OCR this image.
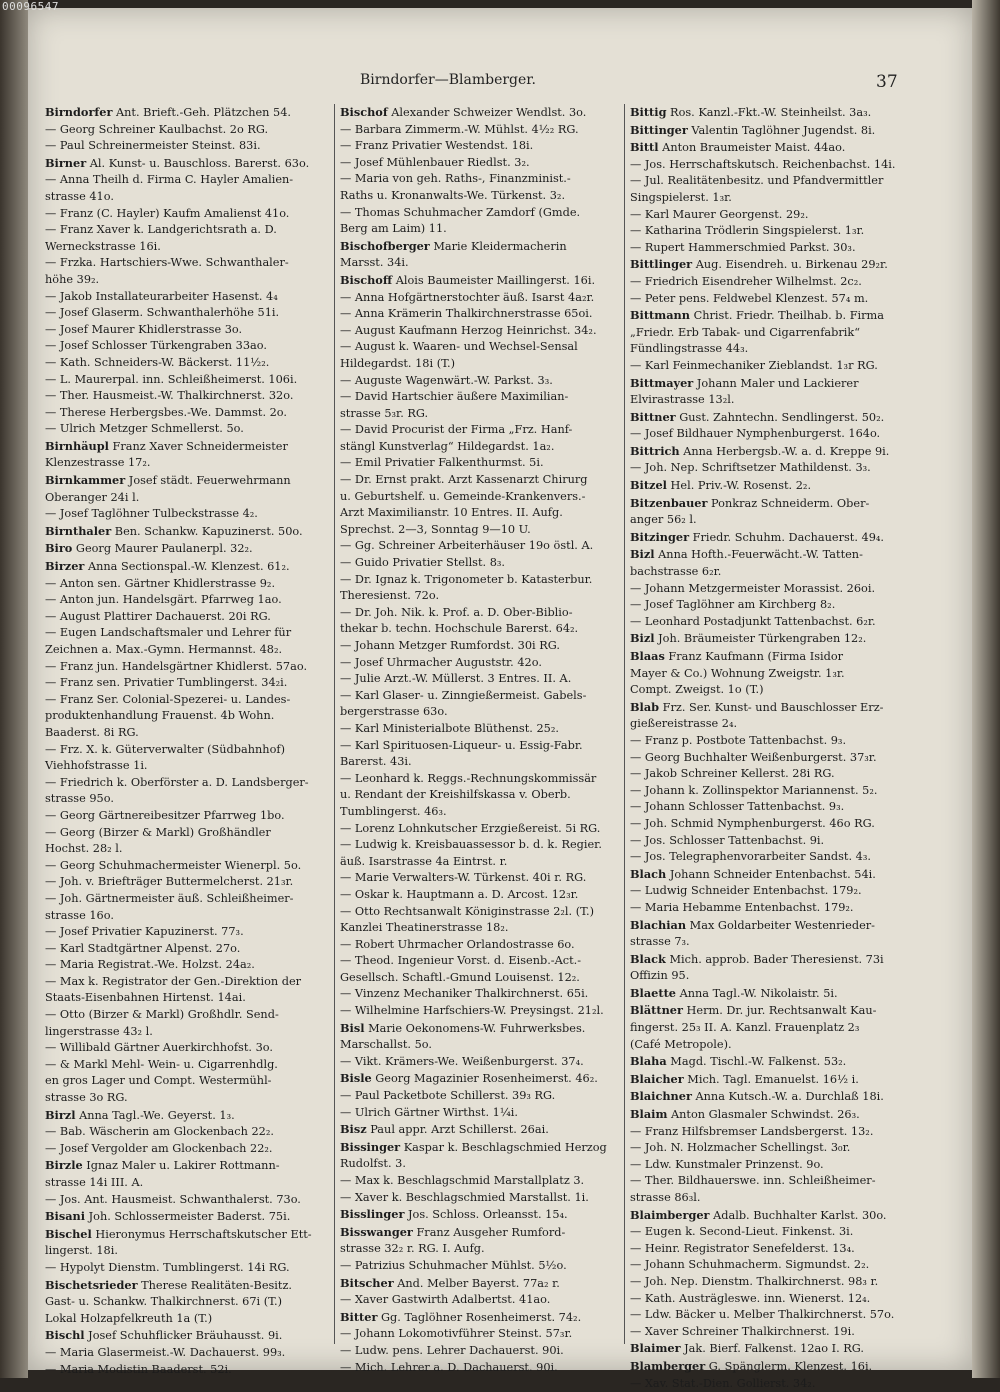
00096547
Birndorfer—Blamberger.	37
Birndorfer Ant. Brieft.-Geh. Plätzchen 54.
— Georg Schreiner Kaulbachst. 2o RG.
— Paul Schreinermeister Steinst. 83i.
Birner Al. Kunst- u. Bauschloss. Barerst. 63o.
— Anna Theilh d. Firma C. Hayler Amalien-
strasse 41o.
— Franz (C. Hayler) Kaufm Amalienst 41o.
— Franz Xaver k. Landgerichtsrath a. D.
Werneckstrasse 16i.
— Frzka. Hartschiers-Wwe. Schwanthaler-
höhe 39₂.
— Jakob Installateurarbeiter Hasenst. 4₄
— Josef Glaserm. Schwanthalerhöhe 51i.
— Josef Maurer Khidlerstrasse 3o.
— Josef Schlosser Türkengraben 33ao.
— Kath. Schneiders-W. Bäckerst. 11½₂.
— L. Maurerpal. inn. Schleißheimerst. 106i.
— Ther. Hausmeist.-W. Thalkirchnerst. 32o.
— Therese Herbergsbes.-We. Dammst. 2o.
— Ulrich Metzger Schmellerst. 5o.
Birnhäupl Franz Xaver Schneidermeister
Klenzestrasse 17₂.
Birnkammer Josef städt. Feuerwehrmann
Oberanger 24i l.
— Josef Taglöhner Tulbeckstrasse 4₂.
Birnthaler Ben. Schankw. Kapuzinerst. 50o.
Biro Georg Maurer Paulanerpl. 32₂.
Birzer Anna Sectionspal.-W. Klenzest. 61₂.
— Anton sen. Gärtner Khidlerstrasse 9₂.
— Anton jun. Handelsgärt. Pfarrweg 1ao.
— August Plattirer Dachauerst. 20i RG.
— Eugen Landschaftsmaler und Lehrer für
Zeichnen a. Max.-Gymn. Hermannst. 48₂.
— Franz jun. Handelsgärtner Khidlerst. 57ao.
— Franz sen. Privatier Tumblingerst. 34₂i.
— Franz Ser. Colonial-Spezerei- u. Landes-
produktenhandlung Frauenst. 4b Wohn.
Baaderst. 8i RG.
— Frz. X. k. Güterverwalter (Südbahnhof)
Viehhofstrasse 1i.
— Friedrich k. Oberförster a. D. Landsberger-
strasse 95o.
— Georg Gärtnereibesitzer Pfarrweg 1bo.
— Georg (Birzer & Markl) Großhändler
Hochst. 28₂ l.
— Georg Schuhmachermeister Wienerpl. 5o.
— Joh. v. Briefträger Buttermelcherst. 21₃r.
— Joh. Gärtnermeister äuß. Schleißheimer-
strasse 16o.
— Josef Privatier Kapuzinerst. 77₃.
— Karl Stadtgärtner Alpenst. 27o.
— Maria Registrat.-We. Holzst. 24a₂.
— Max k. Registrator der Gen.-Direktion der
Staats-Eisenbahnen Hirtenst. 14ai.
— Otto (Birzer & Markl) Großhdlr. Send-
lingerstrasse 43₂ l.
— Willibald Gärtner Auerkirchhofst. 3o.
— & Markl Mehl- Wein- u. Cigarrenhdlg.
en gros Lager und Compt. Westermühl-
strasse 3o RG.
Birzl Anna Tagl.-We. Geyerst. 1₃.
— Bab. Wäscherin am Glockenbach 22₂.
— Josef Vergolder am Glockenbach 22₂.
Birzle Ignaz Maler u. Lakirer Rottmann-
strasse 14i III. A.
— Jos. Ant. Hausmeist. Schwanthalerst. 73o.
Bisani Joh. Schlossermeister Baderst. 75i.
Bischel Hieronymus Herrschaftskutscher Ett-
lingerst. 18i.
— Hypolyt Dienstm. Tumblingerst. 14i RG.
Bischetsrieder Therese Realitäten-Besitz.
Gast- u. Schankw. Thalkirchnerst. 67i (T.)
Lokal Holzapfelkreuth 1a (T.)
Bischl Josef Schuhflicker Bräuhausst. 9i.
— Maria Glasermeist.-W. Dachauerst. 99₃.
— Maria Modistin Baaderst. 52i.
Bischof Alexander Schweizer Wendlst. 3o.
— Barbara Zimmerm.-W. Mühlst. 4½₂ RG.
— Franz Privatier Westendst. 18i.
— Josef Mühlenbauer Riedlst. 3₂.
— Maria von geh. Raths-, Finanzminist.-
Raths u. Kronanwalts-We. Türkenst. 3₂.
— Thomas Schuhmacher Zamdorf (Gmde.
Berg am Laim) 11.
Bischofberger Marie Kleidermacherin
Marsst. 34i.
Bischoff Alois Baumeister Maillingerst. 16i.
— Anna Hofgärtnerstochter äuß. Isarst 4a₂r.
— Anna Krämerin Thalkirchnerstrasse 65oi.
— August Kaufmann Herzog Heinrichst. 34₂.
— August k. Waaren- und Wechsel-Sensal
Hildegardst. 18i (T.)
— Auguste Wagenwärt.-W. Parkst. 3₃.
— David Hartschier äußere Maximilian-
strasse 5₃r. RG.
— David Procurist der Firma „Frz. Hanf-
stängl Kunstverlag“ Hildegardst. 1a₂.
— Emil Privatier Falkenthurmst. 5i.
— Dr. Ernst prakt. Arzt Kassenarzt Chirurg
u. Geburtshelf. u. Gemeinde-Krankenvers.-
Arzt Maximilianstr. 10 Entres. II. Aufg.
Sprechst. 2—3, Sonntag 9—10 U.
— Gg. Schreiner Arbeiterhäuser 19o östl. A.
— Guido Privatier Stellst. 8₃.
— Dr. Ignaz k. Trigonometer b. Katasterbur.
Theresienst. 72o.
— Dr. Joh. Nik. k. Prof. a. D. Ober-Biblio-
thekar b. techn. Hochschule Barerst. 64₂.
— Johann Metzger Rumfordst. 30i RG.
— Josef Uhrmacher Auguststr. 42o.
— Julie Arzt.-W. Müllerst. 3 Entres. II. A.
— Karl Glaser- u. Zinngießermeist. Gabels-
bergerstrasse 63o.
— Karl Ministerialbote Blüthenst. 25₂.
— Karl Spirituosen-Liqueur- u. Essig-Fabr.
Barerst. 43i.
— Leonhard k. Reggs.-Rechnungskommissär
u. Rendant der Kreishilfskassa v. Oberb.
Tumblingerst. 46₃.
— Lorenz Lohnkutscher Erzgießereist. 5i RG.
— Ludwig k. Kreisbauassessor b. d. k. Regier.
äuß. Isarstrasse 4a Eintrst. r.
— Marie Verwalters-W. Türkenst. 40i r. RG.
— Oskar k. Hauptmann a. D. Arcost. 12₃r.
— Otto Rechtsanwalt Königinstrasse 2₂l. (T.)
Kanzlei Theatinerstrasse 18₂.
— Robert Uhrmacher Orlandostrasse 6o.
— Theod. Ingenieur Vorst. d. Eisenb.-Act.-
Gesellsch. Schaftl.-Gmund Louisenst. 12₂.
— Vinzenz Mechaniker Thalkirchnerst. 65i.
— Wilhelmine Harfschiers-W. Preysingst. 21₂l.
Bisl Marie Oekonomens-W. Fuhrwerksbes.
Marschallst. 5o.
— Vikt. Krämers-We. Weißenburgerst. 37₄.
Bisle Georg Magazinier Rosenheimerst. 46₂.
— Paul Packetbote Schillerst. 39₃ RG.
— Ulrich Gärtner Wirthst. 1¼i.
Bisz Paul appr. Arzt Schillerst. 26ai.
Bissinger Kaspar k. Beschlagschmied Herzog
Rudolfst. 3.
— Max k. Beschlagschmid Marstallplatz 3.
— Xaver k. Beschlagschmied Marstallst. 1i.
Bisslinger Jos. Schloss. Orleansst. 15₄.
Bisswanger Franz Ausgeher Rumford-
strasse 32₂ r. RG. I. Aufg.
— Patrizius Schuhmacher Mühlst. 5½o.
Bitscher And. Melber Bayerst. 77a₂ r.
— Xaver Gastwirth Adalbertst. 41ao.
Bitter Gg. Taglöhner Rosenheimerst. 74₂.
— Johann Lokomotivführer Steinst. 57₃r.
— Ludw. pens. Lehrer Dachauerst. 90i.
— Mich. Lehrer a. D. Dachauerst. 90i.
Bittig Ros. Kanzl.-Fkt.-W. Steinheilst. 3a₃.
Bittinger Valentin Taglöhner Jugendst. 8i.
Bittl Anton Braumeister Maist. 44ao.
— Jos. Herrschaftskutsch. Reichenbachst. 14i.
— Jul. Realitätenbesitz. und Pfandvermittler
Singspielerst. 1₃r.
— Karl Maurer Georgenst. 29₂.
— Katharina Trödlerin Singspielerst. 1₃r.
— Rupert Hammerschmied Parkst. 30₃.
Bittlinger Aug. Eisendreh. u. Birkenau 29₂r.
— Friedrich Eisendreher Wilhelmst. 2c₂.
— Peter pens. Feldwebel Klenzest. 57₄ m.
Bittmann Christ. Friedr. Theilhab. b. Firma
„Friedr. Erb Tabak- und Cigarrenfabrik“
Fündlingstrasse 44₃.
— Karl Feinmechaniker Zieblandst. 1₃r RG.
Bittmayer Johann Maler und Lackierer
Elvirastrasse 13₂l.
Bittner Gust. Zahntechn. Sendlingerst. 50₂.
— Josef Bildhauer Nymphenburgerst. 164o.
Bittrich Anna Herbergsb.-W. a. d. Kreppe 9i.
— Joh. Nep. Schriftsetzer Mathildenst. 3₃.
Bitzel Hel. Priv.-W. Rosenst. 2₂.
Bitzenbauer Ponkraz Schneiderm. Ober-
anger 56₂ l.
Bitzinger Friedr. Schuhm. Dachauerst. 49₄.
Bizl Anna Hofth.-Feuerwächt.-W. Tatten-
bachstrasse 6₂r.
— Johann Metzgermeister Morassist. 26oi.
— Josef Taglöhner am Kirchberg 8₂.
— Leonhard Postadjunkt Tattenbachst. 6₂r.
Bizl Joh. Bräumeister Türkengraben 12₂.
Blaas Franz Kaufmann (Firma Isidor
Mayer & Co.) Wohnung Zweigstr. 1₃r.
Compt. Zweigst. 1o (T.)
Blab Frz. Ser. Kunst- und Bauschlosser Erz-
gießereistrasse 2₄.
— Franz p. Postbote Tattenbachst. 9₃.
— Georg Buchhalter Weißenburgerst. 37₃r.
— Jakob Schreiner Kellerst. 28i RG.
— Johann k. Zollinspektor Mariannenst. 5₂.
— Johann Schlosser Tattenbachst. 9₃.
— Joh. Schmid Nymphenburgerst. 46o RG.
— Jos. Schlosser Tattenbachst. 9i.
— Jos. Telegraphenvorarbeiter Sandst. 4₃.
Blach Johann Schneider Entenbachst. 54i.
— Ludwig Schneider Entenbachst. 179₂.
— Maria Hebamme Entenbachst. 179₂.
Blachian Max Goldarbeiter Westenrieder-
strasse 7₃.
Black Mich. approb. Bader Theresienst. 73i
Offizin 95.
Blaette Anna Tagl.-W. Nikolaistr. 5i.
Blättner Herm. Dr. jur. Rechtsanwalt Kau-
fingerst. 25₃ II. A. Kanzl. Frauenplatz 2₃
(Café Metropole).
Blaha Magd. Tischl.-W. Falkenst. 53₂.
Blaicher Mich. Tagl. Emanuelst. 16½ i.
Blaichner Anna Kutsch.-W. a. Durchlaß 18i.
Blaim Anton Glasmaler Schwindst. 26₃.
— Franz Hilfsbremser Landsbergerst. 13₂.
— Joh. N. Holzmacher Schellingst. 3₀r.
— Ldw. Kunstmaler Prinzenst. 9o.
— Ther. Bildhauerswe. inn. Schleißheimer-
strasse 86₃l.
Blaimberger Adalb. Buchhalter Karlst. 30o.
— Eugen k. Second-Lieut. Finkenst. 3i.
— Heinr. Registrator Senefelderst. 13₄.
— Johann Schuhmacherm. Sigmundst. 2₂.
— Joh. Nep. Dienstm. Thalkirchnerst. 98₃ r.
— Kath. Austrägleswe. inn. Wienerst. 12₄.
— Ldw. Bäcker u. Melber Thalkirchnerst. 57o.
— Xaver Schreiner Thalkirchnerst. 19i.
Blaimer Jak. Bierf. Falkenst. 12ao I. RG.
Blamberger G. Spänglerm. Klenzest. 16i.
— Xav. Stat.-Dien. Gollierst. 34₂.
